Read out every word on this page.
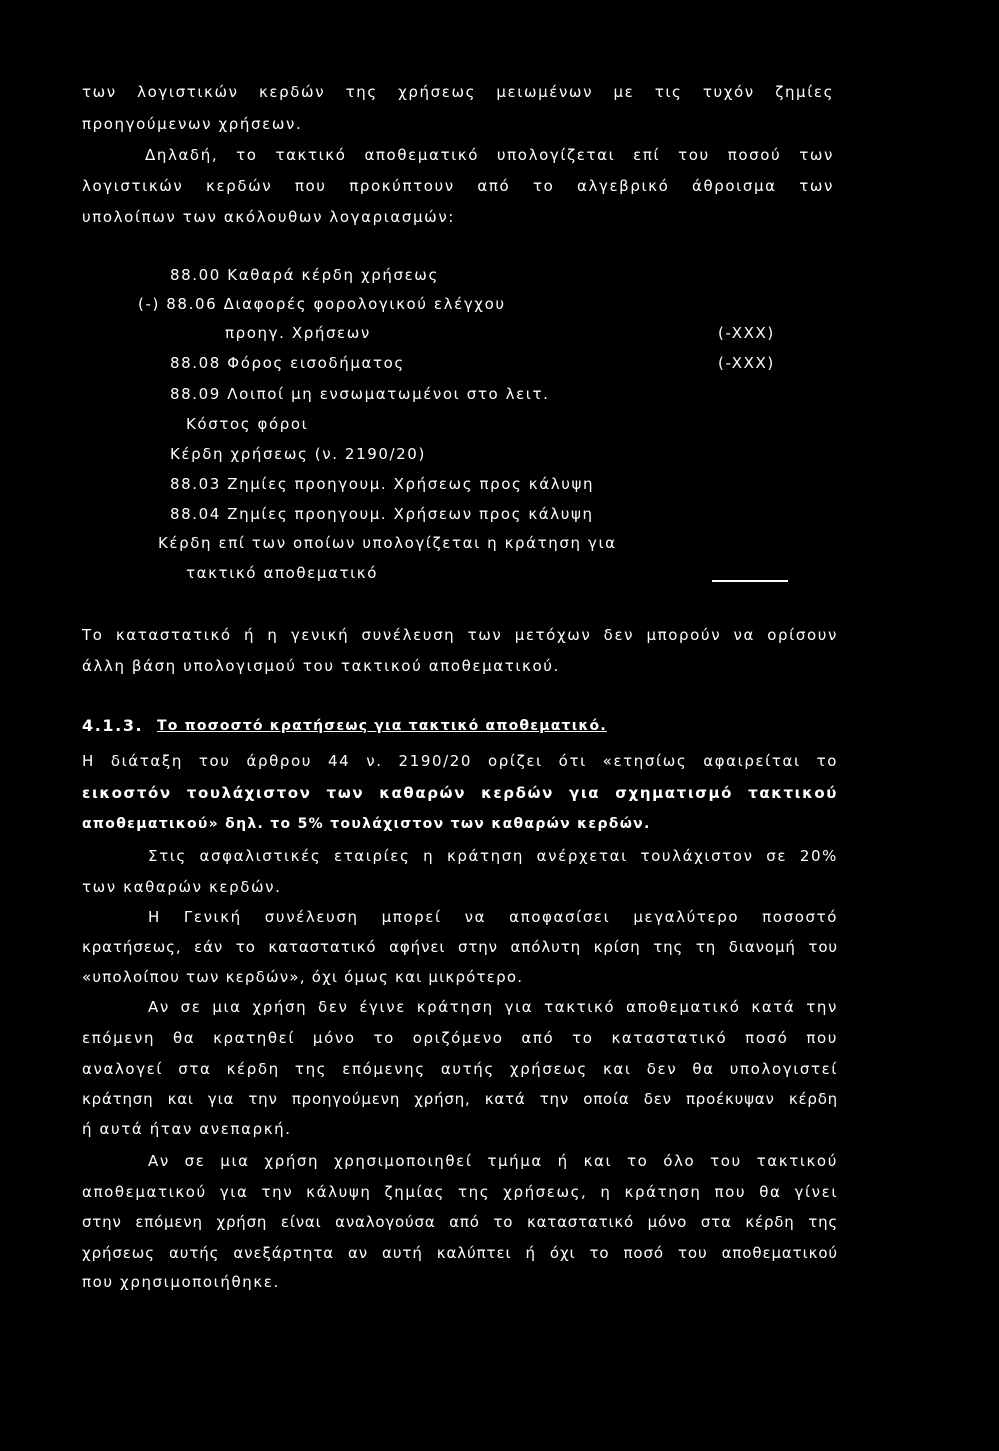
των λογιστικών κερδών της χρήσεως μειωμένων με τις τυχόν ζημίες
προηγούμενων χρήσεων.
Δηλαδή, το τακτικό αποθεματικό υπολογίζεται επί του ποσού των
λογιστικών κερδών που προκύπτουν από το αλγεβρικό άθροισμα των
υπολοίπων των ακόλουθων λογαριασμών:
88.00 Καθαρά κέρδη χρήσεως
(-) 88.06 Διαφορές φορολογικού ελέγχου
προηγ. Χρήσεων	(-XXX)
88.08 Φόρος εισοδήματος	(-XXX)
88.09 Λοιποί μη ενσωματωμένοι στο λειτ.
Κόστος φόροι
Κέρδη χρήσεως (ν. 2190/20)
88.03 Ζημίες προηγουμ. Χρήσεως προς κάλυψη
88.04 Ζημίες προηγουμ. Χρήσεων προς κάλυψη
Κέρδη επί των οποίων υπολογίζεται η κράτηση για
τακτικό αποθεματικό
Το καταστατικό ή η γενική συνέλευση των μετόχων δεν μπορούν να ορίσουν
άλλη βάση υπολογισμού του τακτικού αποθεματικού.
4.1.3. Το ποσοστό κρατήσεως για τακτικό αποθεματικό.
Η διάταξη του άρθρου 44 ν. 2190/20 ορίζει ότι «ετησίως αφαιρείται το
εικοστόν τουλάχιστον των καθαρών κερδών για σχηματισμό τακτικού
αποθεματικού» δηλ. το 5% τουλάχιστον των καθαρών κερδών.
Στις ασφαλιστικές εταιρίες η κράτηση ανέρχεται τουλάχιστον σε 20%
των καθαρών κερδών.
Η Γενική συνέλευση μπορεί να αποφασίσει μεγαλύτερο ποσοστό
κρατήσεως, εάν το καταστατικό αφήνει στην απόλυτη κρίση της τη διανομή του
«υπολοίπου των κερδών», όχι όμως και μικρότερο.
Αν σε μια χρήση δεν έγινε κράτηση για τακτικό αποθεματικό κατά την
επόμενη θα κρατηθεί μόνο το οριζόμενο από το καταστατικό ποσό που
αναλογεί στα κέρδη της επόμενης αυτής χρήσεως και δεν θα υπολογιστεί
κράτηση και για την προηγούμενη χρήση, κατά την οποία δεν προέκυψαν κέρδη
ή αυτά ήταν ανεπαρκή.
Αν σε μια χρήση χρησιμοποιηθεί τμήμα ή και το όλο του τακτικού
αποθεματικού για την κάλυψη ζημίας της χρήσεως, η κράτηση που θα γίνει
στην επόμενη χρήση είναι αναλογούσα από το καταστατικό μόνο στα κέρδη της
χρήσεως αυτής ανεξάρτητα αν αυτή καλύπτει ή όχι το ποσό του αποθεματικού
που χρησιμοποιήθηκε.
